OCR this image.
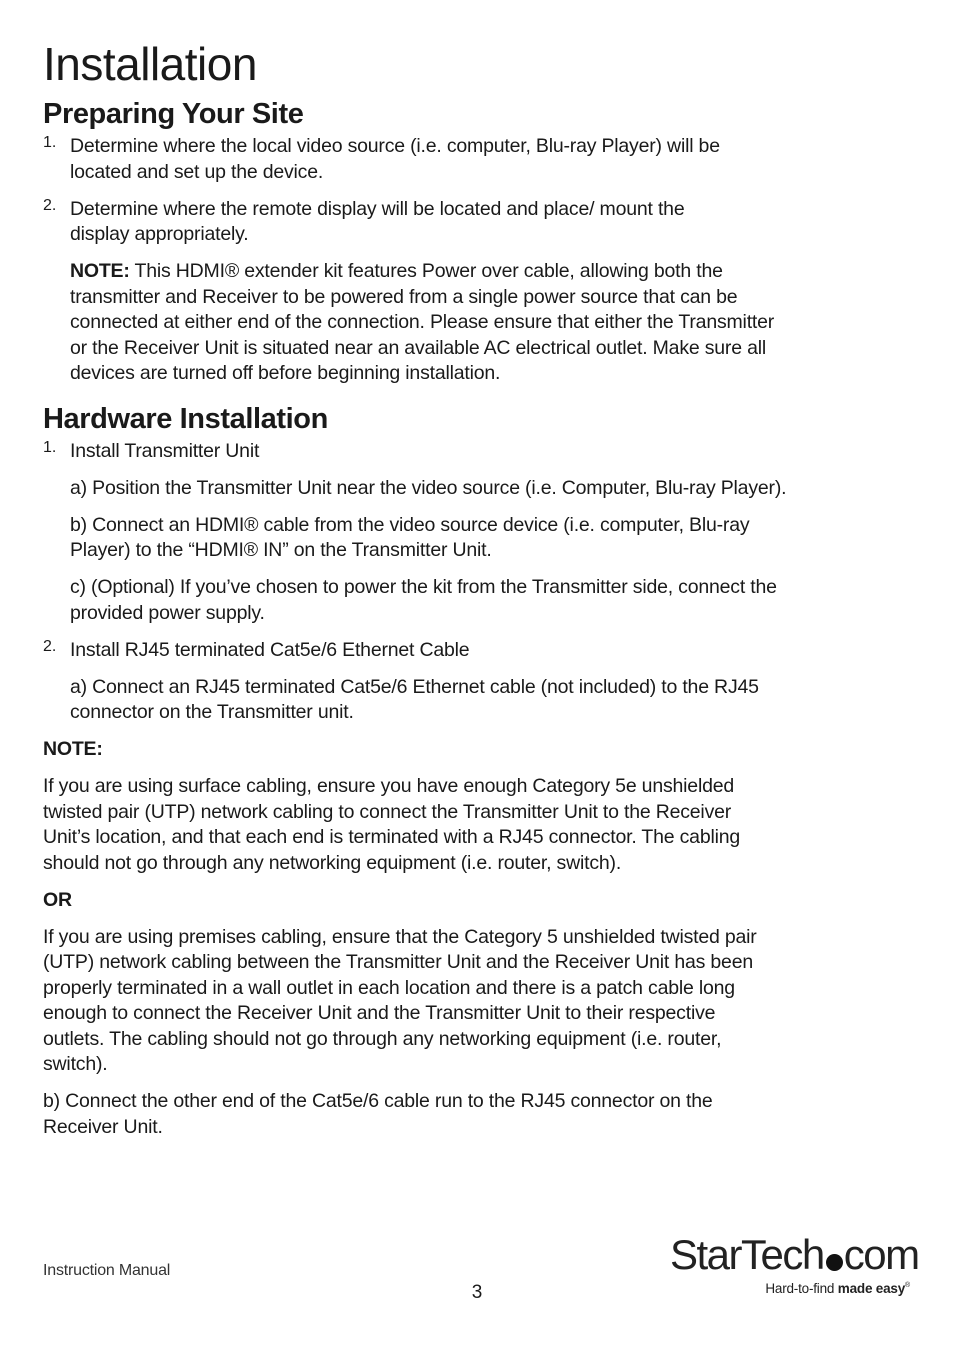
Installation
Preparing Your Site
1. Determine where the local video source (i.e. computer, Blu-ray Player) will be

located and set up the device.

2. Determine where the remote display will be located and place/ mount the

display appropriately.

NOTE: This HDMI® extender kit features Power over cable, allowing both the

transmitter and Receiver to be powered from a single power source that can be

connected at either end of the connection. Please ensure that either the Transmitter

or the Receiver Unit is situated near an available AC electrical outlet. Make sure all

devices are turned off before beginning installation.

Hardware Installation
1. Install Transmitter Unit

a) Position the Transmitter Unit near the video source (i.e. Computer, Blu-ray Player).

b) Connect an HDMI® cable from the video source device (i.e. computer, Blu-ray

Player) to the “HDMI® IN” on the Transmitter Unit.

c) (Optional) If you’ve chosen to power the kit from the Transmitter side, connect the

provided power supply.

2. Install RJ45 terminated Cat5e/6 Ethernet Cable

a) Connect an RJ45 terminated Cat5e/6 Ethernet cable (not included) to the RJ45

connector on the Transmitter unit.

NOTE:

If you are using surface cabling, ensure you have enough Category 5e unshielded

twisted pair (UTP) network cabling to connect the Transmitter Unit to the Receiver

Unit’s location, and that each end is terminated with a RJ45 connector. The cabling

should not go through any networking equipment (i.e. router, switch).

OR

If you are using premises cabling, ensure that the Category 5 unshielded twisted pair

(UTP) network cabling between the Transmitter Unit and the Receiver Unit has been

properly terminated in a wall outlet in each location and there is a patch cable long

enough to connect the Receiver Unit and the Transmitter Unit to their respective

outlets. The cabling should not go through any networking equipment (i.e. router,

switch).

b) Connect the other end of the Cat5e/6 cable run to the RJ45 connector on the

Receiver Unit.

Instruction Manual
3
StarTech com
Hard-to-find made easy®
